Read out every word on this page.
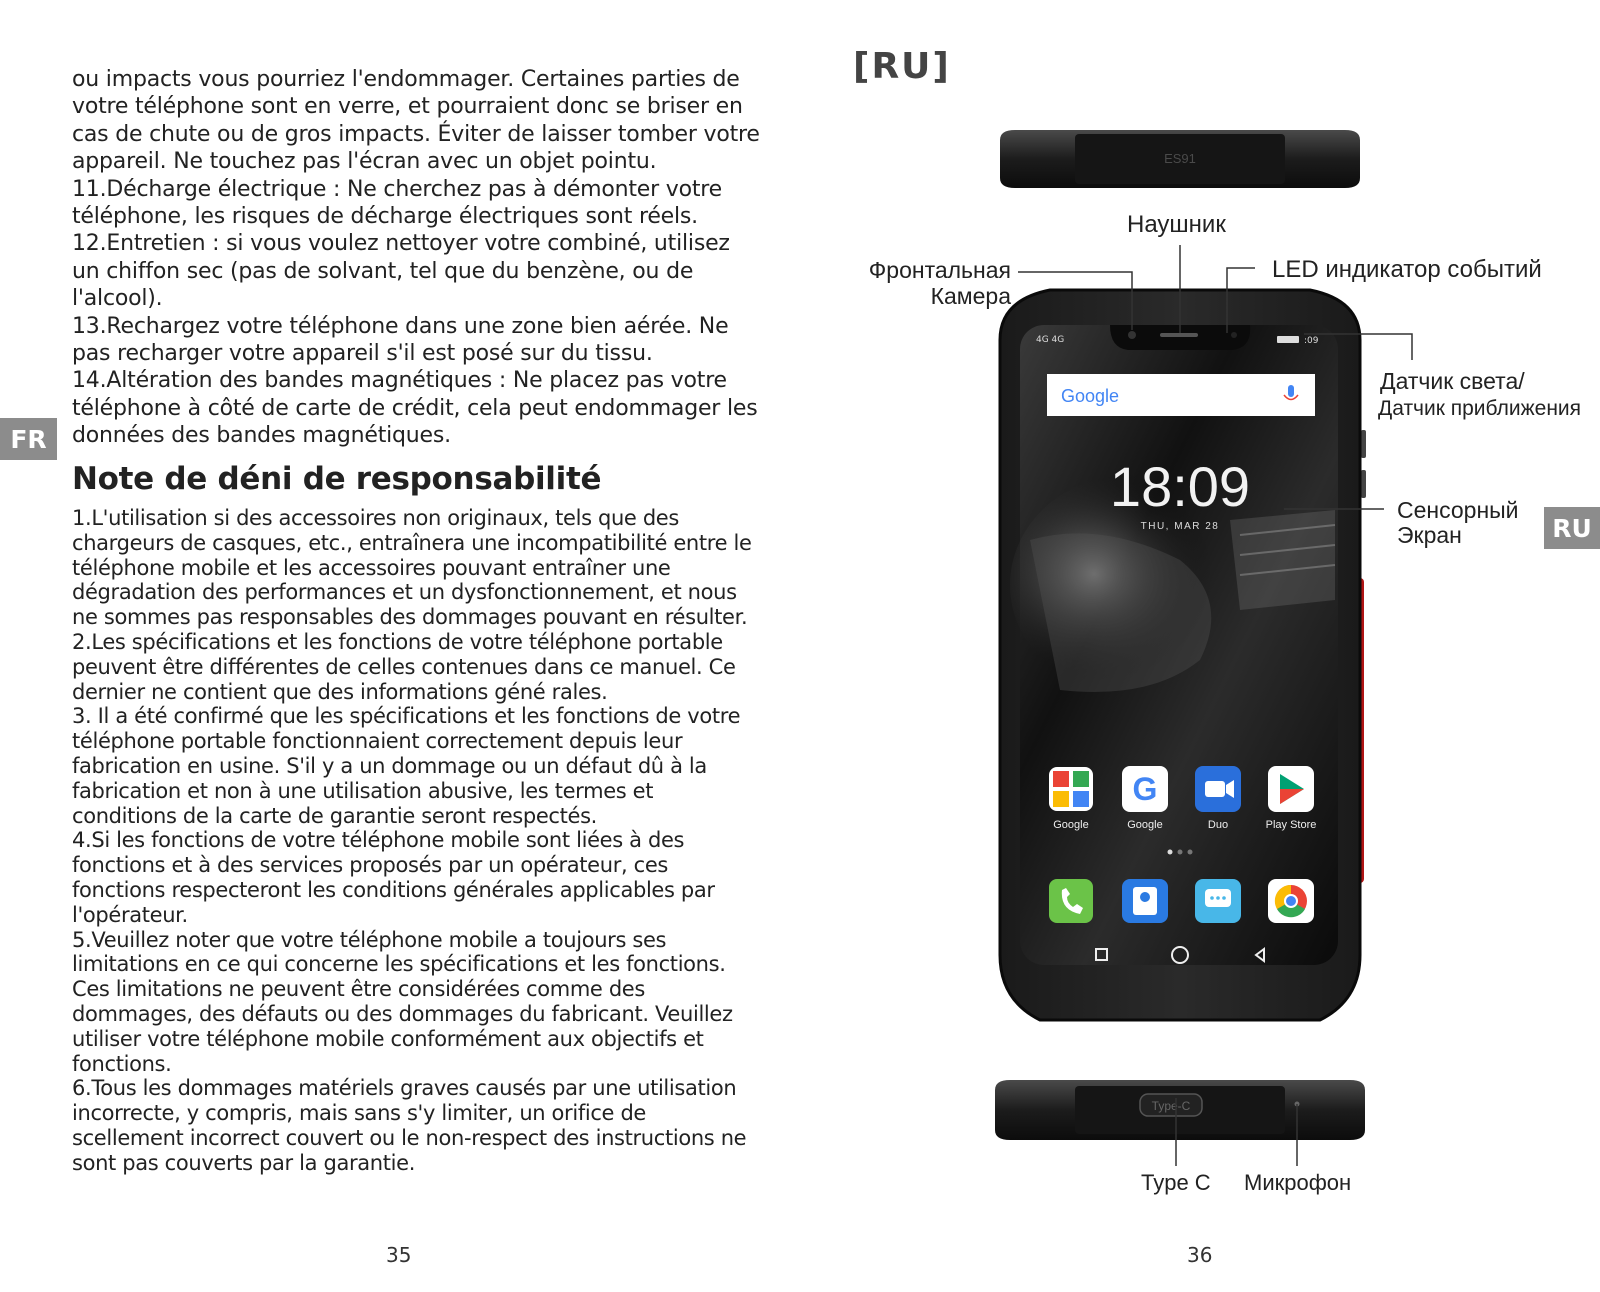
ou impacts vous pourriez l'endommager. Certaines parties de votre téléphone sont en verre, et pourraient donc se briser en cas de chute ou de gros impacts. Éviter de laisser tomber votre appareil. Ne touchez pas l'écran avec un objet pointu.

11.Décharge électrique : Ne cherchez pas à démonter votre téléphone, les risques de décharge électriques sont réels.

12.Entretien : si vous voulez nettoyer votre combiné, utilisez un chiffon sec (pas de solvant, tel que du benzène, ou de l'alcool).

13.Rechargez votre téléphone dans une zone bien aérée. Ne pas recharger votre appareil s'il est posé sur du tissu.

14.Altération des bandes magnétiques : Ne placez pas votre téléphone à côté de carte de crédit, cela peut endommager les données des bandes magnétiques.

Note de déni de responsabilité

1.L'utilisation si des accessoires non originaux, tels que des chargeurs de casques, etc., entraînera une incompatibilité entre le téléphone mobile et les accessoires pouvant entraîner une dégradation des performances et un dysfonctionnement, et nous ne sommes pas responsables des dommages pouvant en résulter.

2.Les spécifications et les fonctions de votre téléphone portable peuvent être différentes de celles contenues dans ce manuel. Ce dernier ne contient que des informations géné rales.

3. Il a été confirmé que les spécifications et les fonctions de votre téléphone portable fonctionnaient correctement depuis leur fabrication en usine. S'il y a un dommage ou un défaut dû à la fabrication et non à une utilisation abusive, les termes et conditions de la carte de garantie seront respectés.

4.Si les fonctions de votre téléphone mobile sont liées à des fonctions et à des services proposés par un opérateur, ces fonctions respecteront les conditions générales applicables par l'opérateur.

5.Veuillez noter que votre téléphone mobile a toujours ses limitations en ce qui concerne les spécifications et les fonctions. Ces limitations ne peuvent être considérées comme des dommages, des défauts ou des dommages du fabricant. Veuillez utiliser votre téléphone mobile conformément aux objectifs et fonctions.

6.Tous les dommages matériels graves causés par une utilisation incorrecte, y compris, mais sans s'y limiter, un orifice de scellement incorrect couvert ou le non-respect des instructions ne sont pas couverts par la garantie.

FR
35
[RU]
ES91
Type-C
4G 4G	:09
Google
18:09
THU, MAR 28
Google
G
Google	Duo	Play Store
Наушник
Фронтальная
Камера
LED индикатор событий
Датчик света/
Датчик приближения
Сенсорный
Экран
Type C Микрофон
RU
36
